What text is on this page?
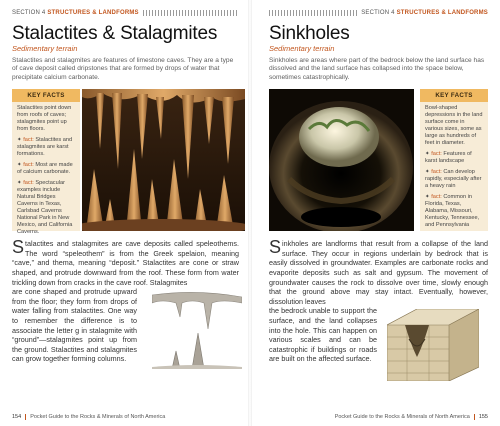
SECTION 4 STRUCTURES & LANDFORMS
Stalactites & Stalagmites
Sedimentary terrain
Stalactites and stalagmites are features of limestone caves. They are a type of cave deposit called dripstones that are formed by drops of water that precipitate calcium carbonate.
KEY FACTS
Stalactites point down from roofs of caves; stalagmites point up from floors.
✦ fact: Stalactites and stalagmites are karst formations.
✦ fact: Most are made of calcium carbonate.
✦ fact: Spectacular examples include Natural Bridges Caverns in Texas, Carlsbad Caverns National Park in New Mexico, and California Caverns.
Stalactites and stalagmites are cave deposits called speleothems. The word “speleothem” is from the Greek spelaion, meaning “cave,” and thema, meaning “deposit.” Stalactites are cone or straw shaped, and protrude downward from the roof. These form from water trickling down from cracks in the cave roof. Stalagmites
are cone shaped and protrude upward from the floor; they form from drops of water falling from stalactites. One way to remember the difference is to associate the letter g in stalagmite with “ground”—stalagmites point up from the ground. Stalactites and stalagmites can grow together forming columns.
154 Pocket Guide to the Rocks & Minerals of North America
SECTION 4 STRUCTURES & LANDFORMS
Sinkholes
Sedimentary terrain
Sinkholes are areas where part of the bedrock below the land surface has dissolved and the land surface has collapsed into the space below, sometimes catastrophically.
KEY FACTS
Bowl-shaped depressions in the land surface come in various sizes, some as large as hundreds of feet in diameter.
✦ fact: Features of karst landscape
✦ fact: Can develop rapidly, especially after a heavy rain
✦ fact: Common in Florida, Texas, Alabama, Missouri, Kentucky, Tennessee, and Pennsylvania
Sinkholes are landforms that result from a collapse of the land surface. They occur in regions underlain by bedrock that is easily dissolved in groundwater. Examples are carbonate rocks and evaporite deposits such as salt and gypsum. The movement of groundwater causes the rock to dissolve over time, slowly enough that the ground above may stay intact. Eventually, however, dissolution leaves
the bedrock unable to support the surface, and the land collapses into the hole. This can happen on various scales and can be catastrophic if buildings or roads are built on the affected surface.
Pocket Guide to the Rocks & Minerals of North America 155
